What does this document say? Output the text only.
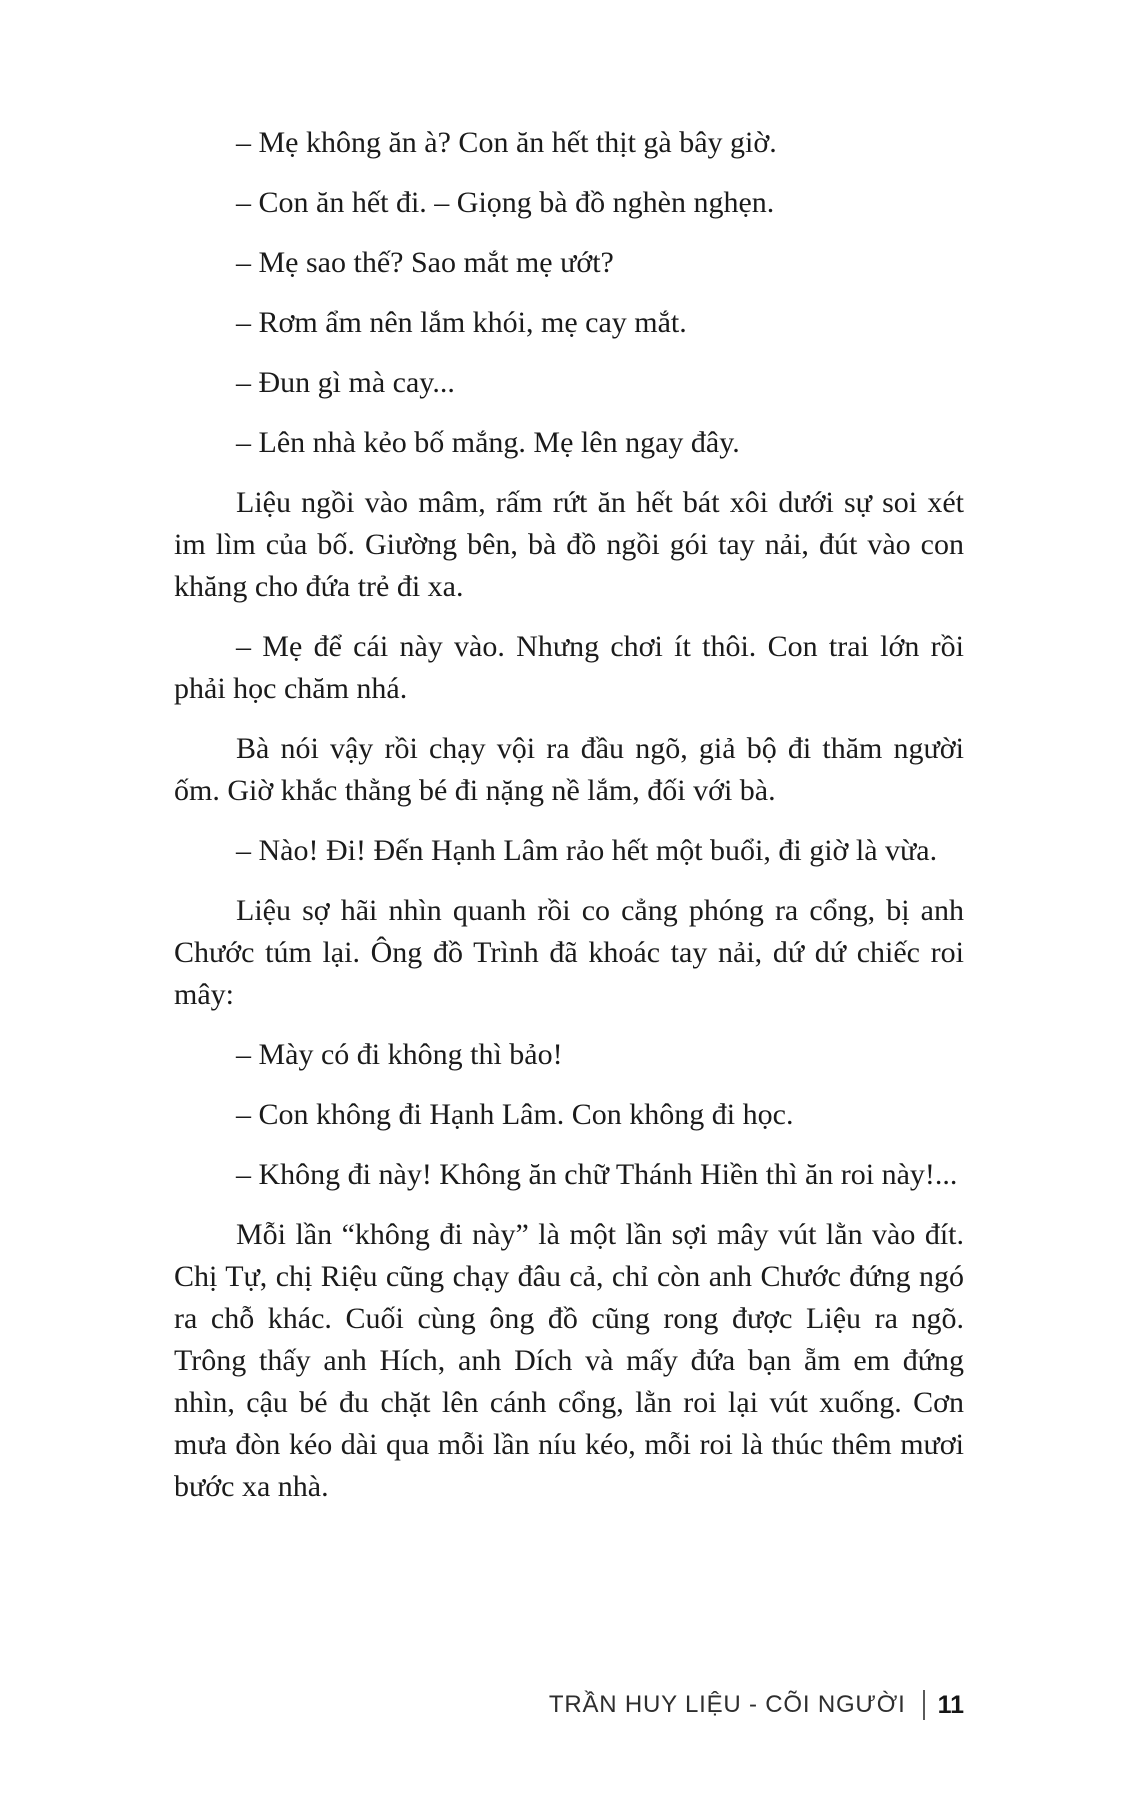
– Mẹ không ăn à? Con ăn hết thịt gà bây giờ.

– Con ăn hết đi. – Giọng bà đồ nghèn nghẹn.

– Mẹ sao thế? Sao mắt mẹ ướt?

– Rơm ẩm nên lắm khói, mẹ cay mắt.

– Đun gì mà cay...

– Lên nhà kẻo bố mắng. Mẹ lên ngay đây.

Liệu ngồi vào mâm, rấm rứt ăn hết bát xôi dưới sự soi xét im lìm của bố. Giường bên, bà đồ ngồi gói tay nải, đút vào con khăng cho đứa trẻ đi xa.

– Mẹ để cái này vào. Nhưng chơi ít thôi. Con trai lớn rồi phải học chăm nhá.

Bà nói vậy rồi chạy vội ra đầu ngõ, giả bộ đi thăm người ốm. Giờ khắc thằng bé đi nặng nề lắm, đối với bà.

– Nào! Đi! Đến Hạnh Lâm rảo hết một buổi, đi giờ là vừa.

Liệu sợ hãi nhìn quanh rồi co cẳng phóng ra cổng, bị anh Chước túm lại. Ông đồ Trình đã khoác tay nải, dứ dứ chiếc roi mây:

– Mày có đi không thì bảo!

– Con không đi Hạnh Lâm. Con không đi học.

– Không đi này! Không ăn chữ Thánh Hiền thì ăn roi này!...

Mỗi lần “không đi này” là một lần sợi mây vút lằn vào đít. Chị Tự, chị Riệu cũng chạy đâu cả, chỉ còn anh Chước đứng ngó ra chỗ khác. Cuối cùng ông đồ cũng rong được Liệu ra ngõ. Trông thấy anh Hích, anh Dích và mấy đứa bạn ẵm em đứng nhìn, cậu bé đu chặt lên cánh cổng, lằn roi lại vút xuống. Cơn mưa đòn kéo dài qua mỗi lần níu kéo, mỗi roi là thúc thêm mươi bước xa nhà.

TRẦN HUY LIỆU - CÕI NGƯỜI 11
